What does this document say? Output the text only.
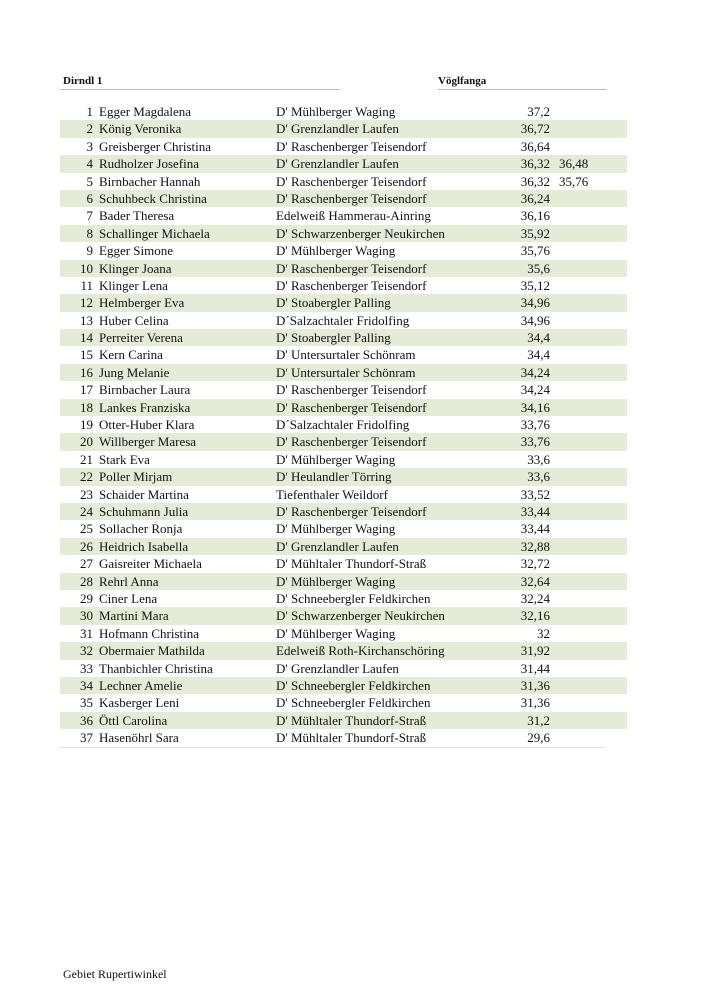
Dirndl 1	Vöglfanga
1 Egger Magdalena	D' Mühlberger Waging	37,2
2 König Veronika	D' Grenzlandler Laufen	36,72
3 Greisberger Christina	D' Raschenberger Teisendorf	36,64
4 Rudholzer Josefina	D' Grenzlandler Laufen	36,32 36,48
5 Birnbacher Hannah	D' Raschenberger Teisendorf	36,32 35,76
6 Schuhbeck Christina	D' Raschenberger Teisendorf	36,24
7 Bader Theresa	Edelweiß Hammerau-Ainring	36,16
8 Schallinger Michaela	D' Schwarzenberger Neukirchen	35,92
9 Egger Simone	D' Mühlberger Waging	35,76
10 Klinger Joana	D' Raschenberger Teisendorf	35,6
11 Klinger Lena	D' Raschenberger Teisendorf	35,12
12 Helmberger Eva	D' Stoabergler Palling	34,96
13 Huber Celina	D´Salzachtaler Fridolfing	34,96
14 Perreiter Verena	D' Stoabergler Palling	34,4
15 Kern Carina	D' Untersurtaler Schönram	34,4
16 Jung Melanie	D' Untersurtaler Schönram	34,24
17 Birnbacher Laura	D' Raschenberger Teisendorf	34,24
18 Lankes Franziska	D' Raschenberger Teisendorf	34,16
19 Otter-Huber Klara	D´Salzachtaler Fridolfing	33,76
20 Willberger Maresa	D' Raschenberger Teisendorf	33,76
21 Stark Eva	D' Mühlberger Waging	33,6
22 Poller Mirjam	D' Heulandler Törring	33,6
23 Schaider Martina	Tiefenthaler Weildorf	33,52
24 Schuhmann Julia	D' Raschenberger Teisendorf	33,44
25 Sollacher Ronja	D' Mühlberger Waging	33,44
26 Heidrich Isabella	D' Grenzlandler Laufen	32,88
27 Gaisreiter Michaela	D' Mühltaler Thundorf-Straß	32,72
28 Rehrl Anna	D' Mühlberger Waging	32,64
29 Ciner Lena	D' Schneebergler Feldkirchen	32,24
30 Martini Mara	D' Schwarzenberger Neukirchen	32,16
31 Hofmann Christina	D' Mühlberger Waging	32
32 Obermaier Mathilda	Edelweiß Roth-Kirchanschöring	31,92
33 Thanbichler Christina	D' Grenzlandler Laufen	31,44
34 Lechner Amelie	D' Schneebergler Feldkirchen	31,36
35 Kasberger Leni	D' Schneebergler Feldkirchen	31,36
36 Öttl Carolina	D' Mühltaler Thundorf-Straß	31,2
37 Hasenöhrl Sara	D' Mühltaler Thundorf-Straß	29,6
Gebiet Rupertiwinkel
